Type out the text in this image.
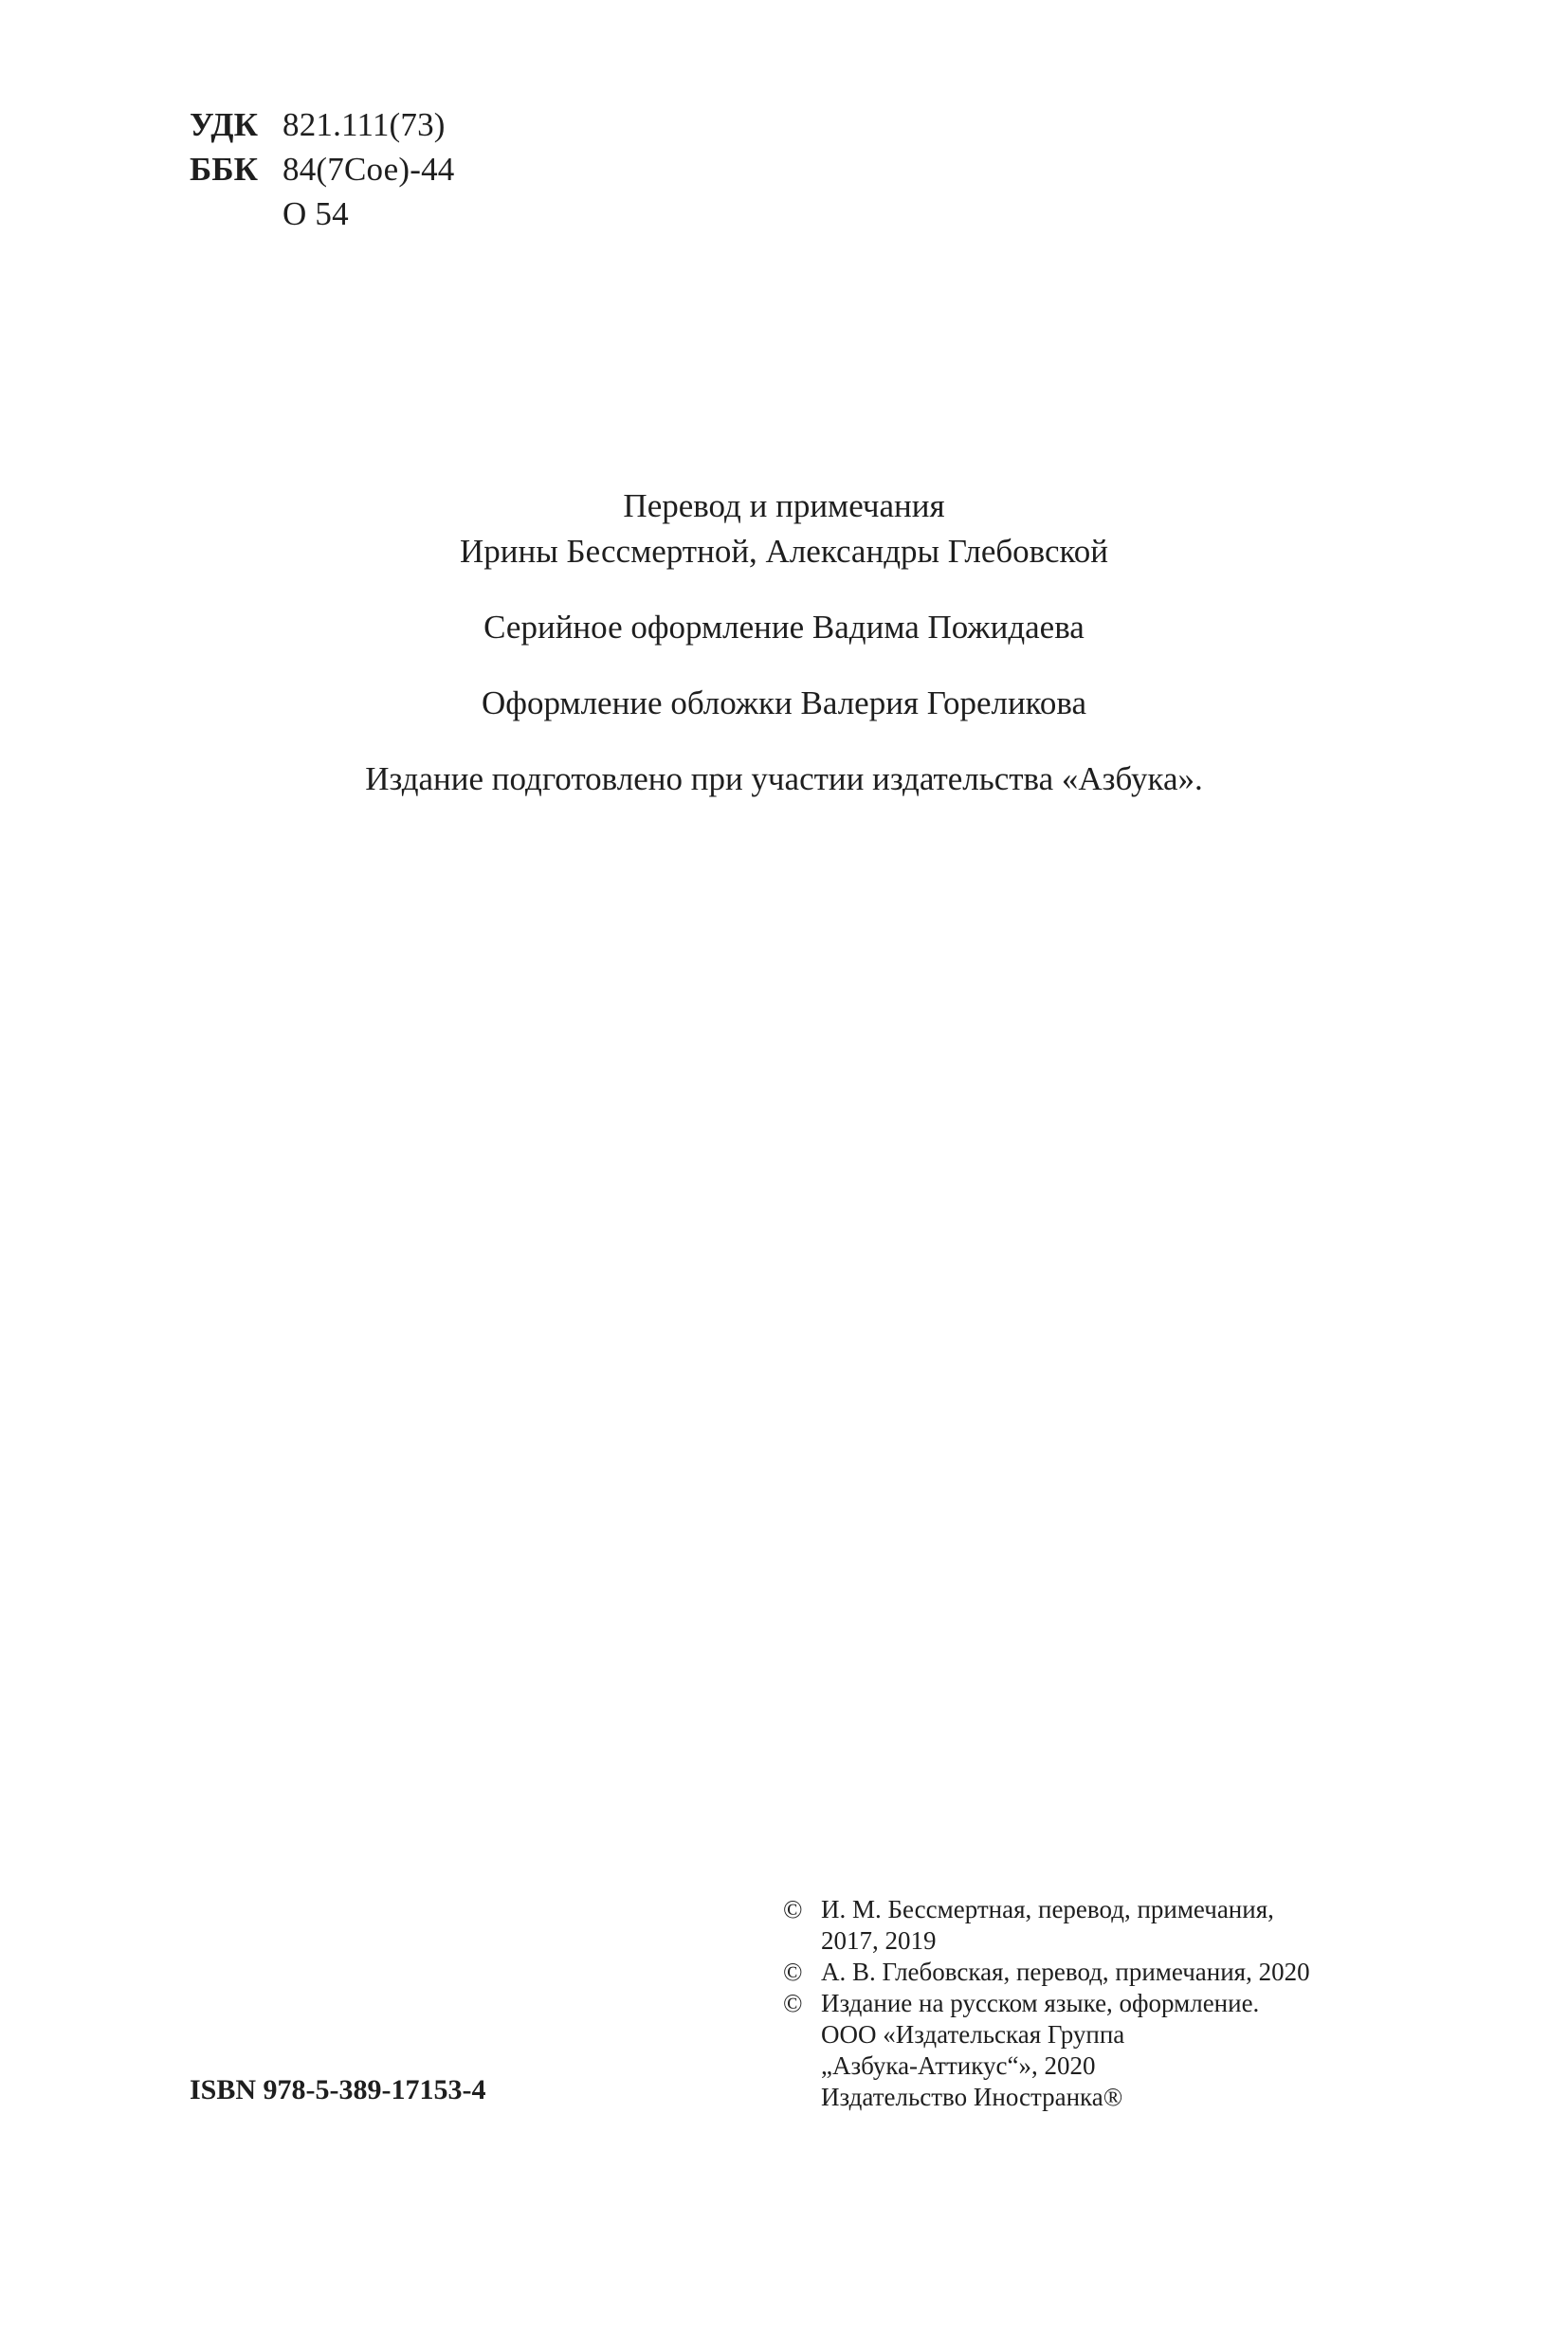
УДК 821.111(73)
ББК 84(7Сое)-44
О 54

Перевод и примечания

Ирины Бессмертной, Александры Глебовской

Серийное оформление Вадима Пожидаева

Оформление обложки Валерия Гореликова

Издание подготовлено при участии издательства «Азбука».

ISBN 978-5-389-17153-4
© И. М. Бессмертная, перевод, примечания,
2017, 2019
© А. В. Глебовская, перевод, примечания, 2020
© Издание на русском языке, оформление.
ООО «Издательская Группа
„Азбука-Аттикус“», 2020
Издательство Иностранка®
